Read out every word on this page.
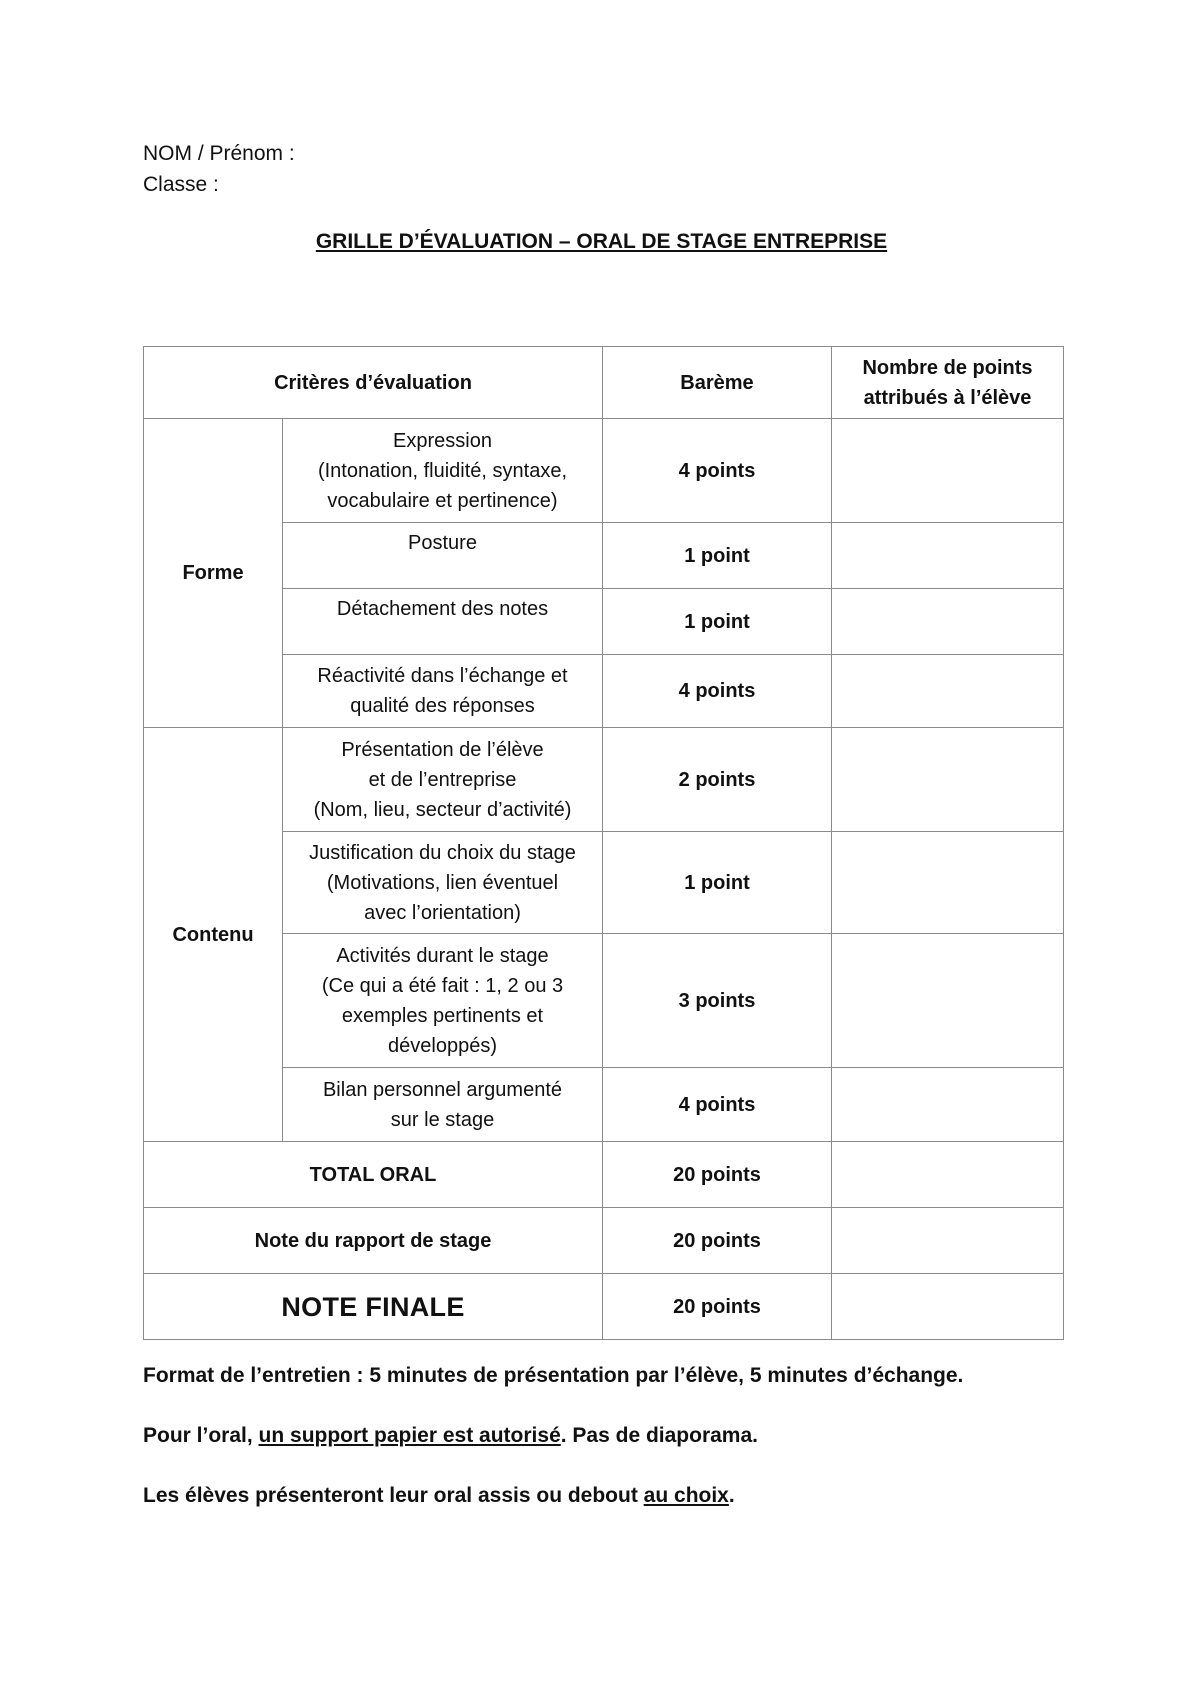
NOM / Prénom :
Classe :
GRILLE D’ÉVALUATION – ORAL DE STAGE ENTREPRISE
Critères d’évaluation		Barème	Nombre de points attribués à l’élève
Forme	Expression
(Intonation, fluidité, syntaxe,
vocabulaire et pertinence)	4 points	
	Posture	1 point	
	Détachement des notes	1 point	
	Réactivité dans l’échange et
qualité des réponses	4 points	
Contenu	Présentation de l’élève
et de l’entreprise
(Nom, lieu, secteur d’activité)	2 points	
	Justification du choix du stage
(Motivations, lien éventuel
avec l’orientation)	1 point	
	Activités durant le stage
(Ce qui a été fait : 1, 2 ou 3
exemples pertinents et
développés)	3 points	
	Bilan personnel argumenté
sur le stage	4 points	
TOTAL ORAL		20 points	
Note du rapport de stage		20 points	
NOTE FINALE		20 points	

Format de l’entretien : 5 minutes de présentation par l’élève, 5 minutes d’échange.

Pour l’oral, un support papier est autorisé. Pas de diaporama.

Les élèves présenteront leur oral assis ou debout au choix.
